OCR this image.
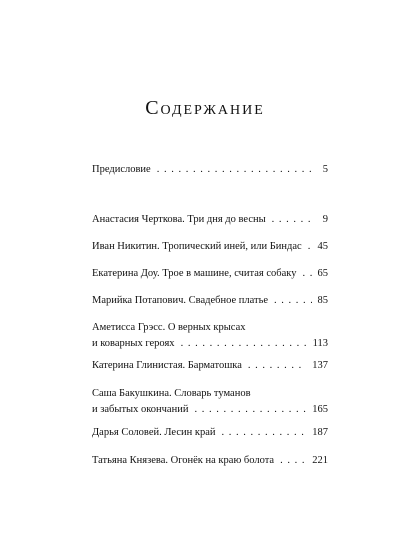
Содержание
Предисловие . . .	5
Анастасия Черткова. Три дня до весны . . .	9
Иван Никитин. Тропический иней, или Биндас . . . 45
Екатерина Доу. Трое в машине, считая собаку . . . 65
Марийка Потапович. Свадебное платье . . .	85
Аметисса Грэсс. О верных крысах
и коварных героях . . .	113
Катерина Глинистая. Барматошка . . .	137
Саша Бакушкина. Словарь туманов
и забытых окончаний . . .	165
Дарья Соловей. Лесин край . . .	187
Татьяна Князева. Огонёк на краю болота . . .	221
